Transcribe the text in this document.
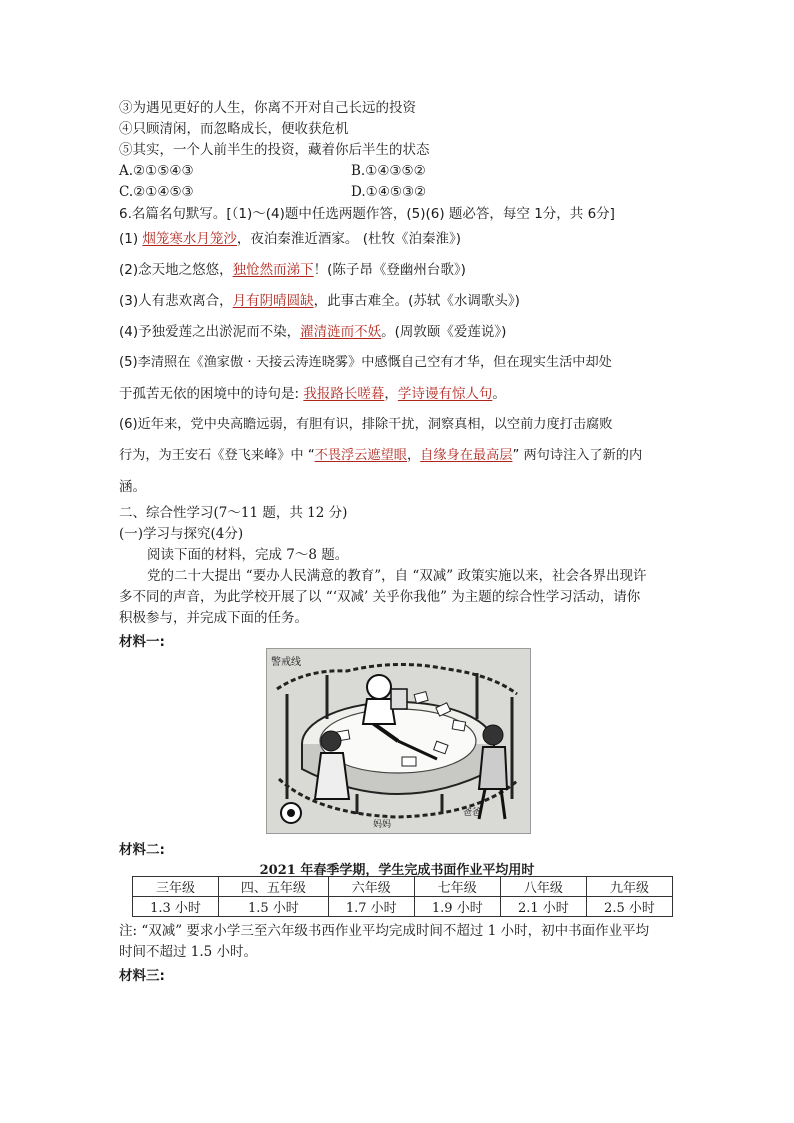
③为遇见更好的人生，你离不开对自己长远的投资
④只顾清闲，而忽略成长，便收获危机
⑤其实，一个人前半生的投资，藏着你后半生的状态
A.②①⑤④③	B.①④③⑤②
C.②①④⑤③	D.①④⑤③②
6.名篇名句默写。[（1)～(4)题中任选两题作答，(5)(6) 题必答，每空 1分，共 6分]
(1) 烟笼寒水月笼沙，夜泊秦淮近酒家。 (杜牧《泊秦淮》)
(2)念天地之悠悠，独怆然而涕下！(陈子昂《登幽州台歌》)
(3)人有悲欢离合，月有阴晴圆缺，此事古难全。(苏轼《水调歌头》)
(4)予独爱莲之出淤泥而不染，濯清涟而不妖。(周敦颐《爱莲说》)
(5)李清照在《渔家傲 · 天接云涛连晓雾》中感慨自己空有才华，但在现实生活中却处
于孤苦无依的困境中的诗句是: 我报路长嗟暮，学诗谩有惊人句。
(6)近年来，党中央高瞻远弱，有胆有识，排除干扰，洞察真相，以空前力度打击腐败
行为，为王安石《登飞来峰》中 “不畏浮云遮望眼，自缘身在最高层” 两句诗注入了新的内
涵。
二、综合性学习(7～11 题，共 12 分)
(一)学习与探究(4分)
阅读下面的材料，完成 7～8 题。
党的二十大提出 “要办人民满意的教育”，自 “双减” 政策实施以来，社会各界出现许
多不同的声音，为此学校开展了以 “‘双减’ 关乎你我他” 为主题的综合性学习活动，请你
积极参与，并完成下面的任务。
材料一:
警戒线
妈妈
爸爸
材料二:
2021 年春季学期，学生完成书面作业平均用时
三年级	四、五年级	六年级	七年级	八年级	九年级
1.3 小时	1.5 小时	1.7 小时	1.9 小时	2.1 小时	2.5 小时
注: “双减” 要求小学三至六年级书西作业平均完成时间不超过 1 小时，初中书面作业平均
时间不超过 1.5 小时。
材料三:
